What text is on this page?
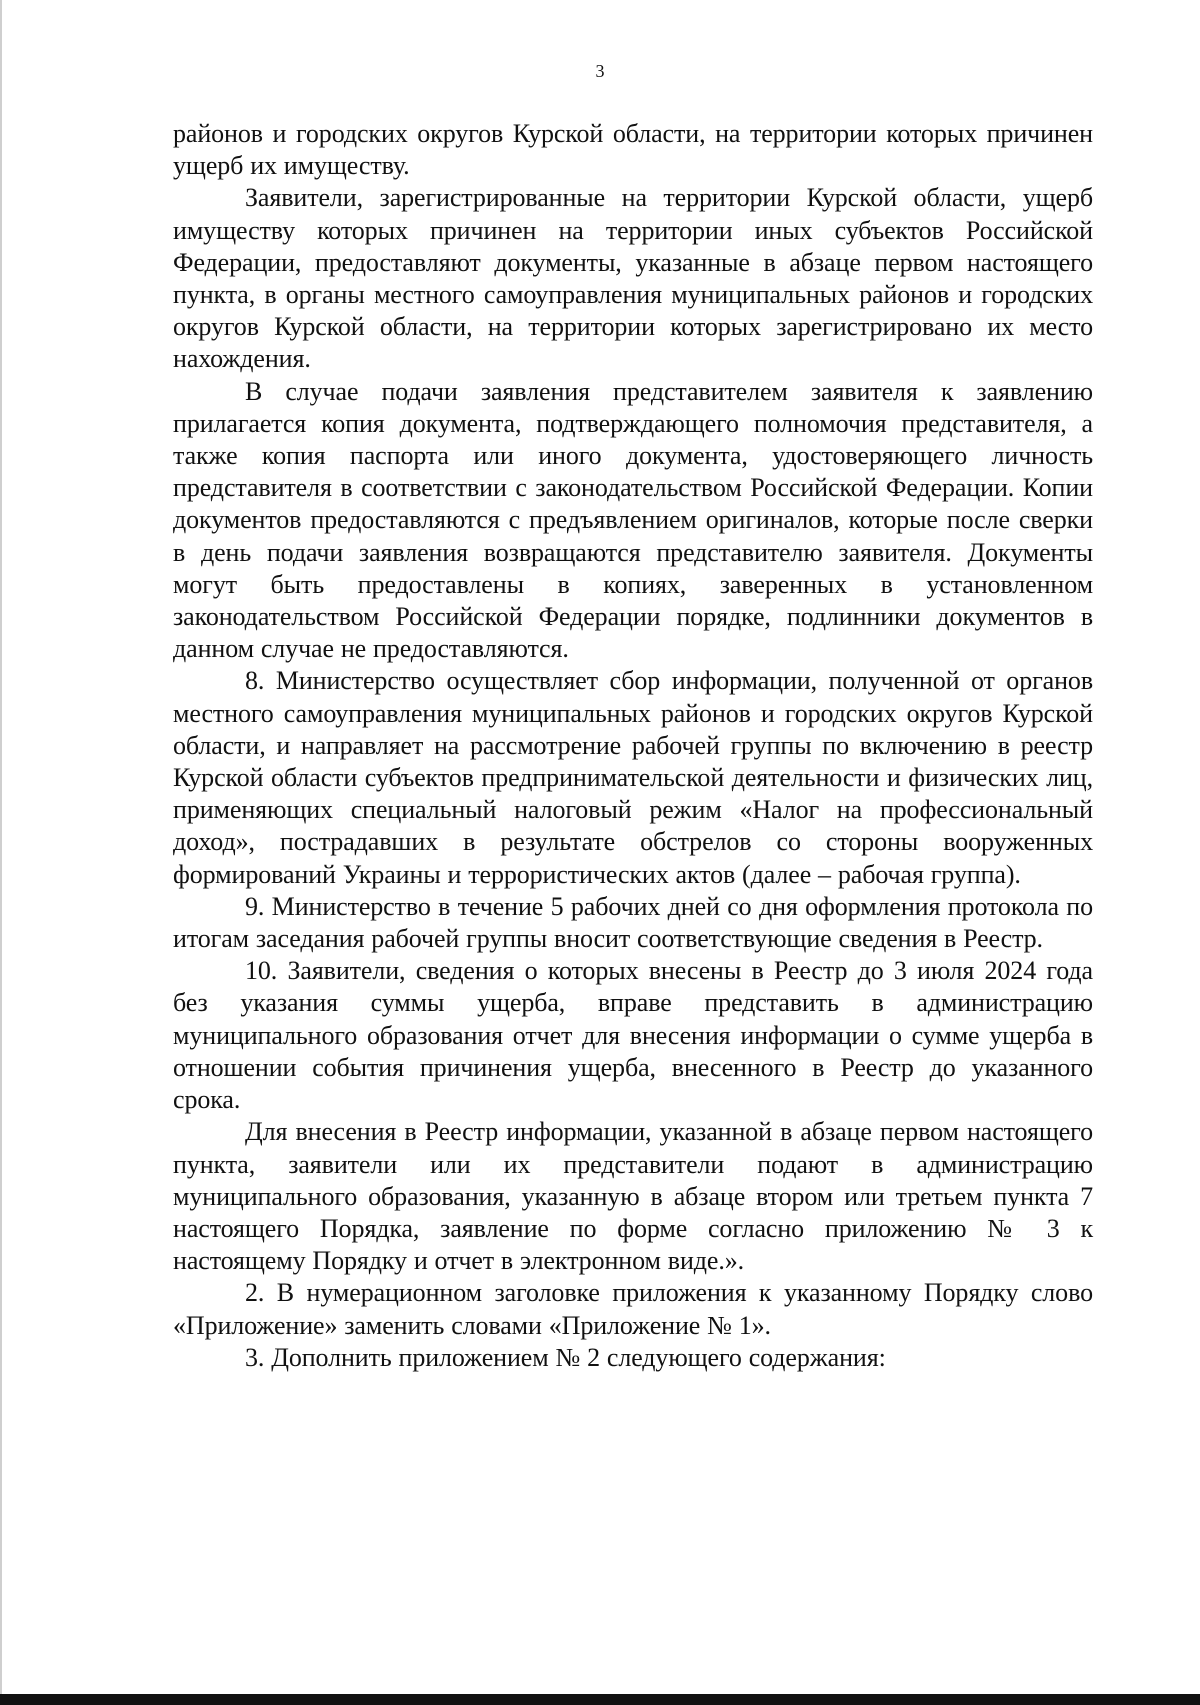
3

районов и городских округов Курской области, на территории которых причинен ущерб их имуществу.

Заявители, зарегистрированные на территории Курской области, ущерб имуществу которых причинен на территории иных субъектов Российской Федерации, предоставляют документы, указанные в абзаце первом настоящего пункта, в органы местного самоуправления муниципальных районов и городских округов Курской области, на территории которых зарегистрировано их место нахождения.

В случае подачи заявления представителем заявителя к заявлению прилагается копия документа, подтверждающего полномочия представителя, а также копия паспорта или иного документа, удостоверяющего личность представителя в соответствии с законодательством Российской Федерации. Копии документов предоставляются с предъявлением оригиналов, которые после сверки в день подачи заявления возвращаются представителю заявителя. Документы могут быть предоставлены в копиях, заверенных в установленном законодательством Российской Федерации порядке, подлинники документов в данном случае не предоставляются.

8. Министерство осуществляет сбор информации, полученной от органов местного самоуправления муниципальных районов и городских округов Курской области, и направляет на рассмотрение рабочей группы по включению в реестр Курской области субъектов предпринимательской деятельности и физических лиц, применяющих специальный налоговый режим «Налог на профессиональный доход», пострадавших в результате обстрелов со стороны вооруженных формирований Украины и террористических актов (далее – рабочая группа).

9. Министерство в течение 5 рабочих дней со дня оформления протокола по итогам заседания рабочей группы вносит соответствующие сведения в Реестр.

10. Заявители, сведения о которых внесены в Реестр до 3 июля 2024 года без указания суммы ущерба, вправе представить в администрацию муниципального образования отчет для внесения информации о сумме ущерба в отношении события причинения ущерба, внесенного в Реестр до указанного срока.

Для внесения в Реестр информации, указанной в абзаце первом настоящего пункта, заявители или их представители подают в администрацию муниципального образования, указанную в абзаце втором или третьем пункта 7 настоящего Порядка, заявление по форме согласно приложению № 3 к настоящему Порядку и отчет в электронном виде.».

2. В нумерационном заголовке приложения к указанному Порядку слово «Приложение» заменить словами «Приложение № 1».

3. Дополнить приложением № 2 следующего содержания:
